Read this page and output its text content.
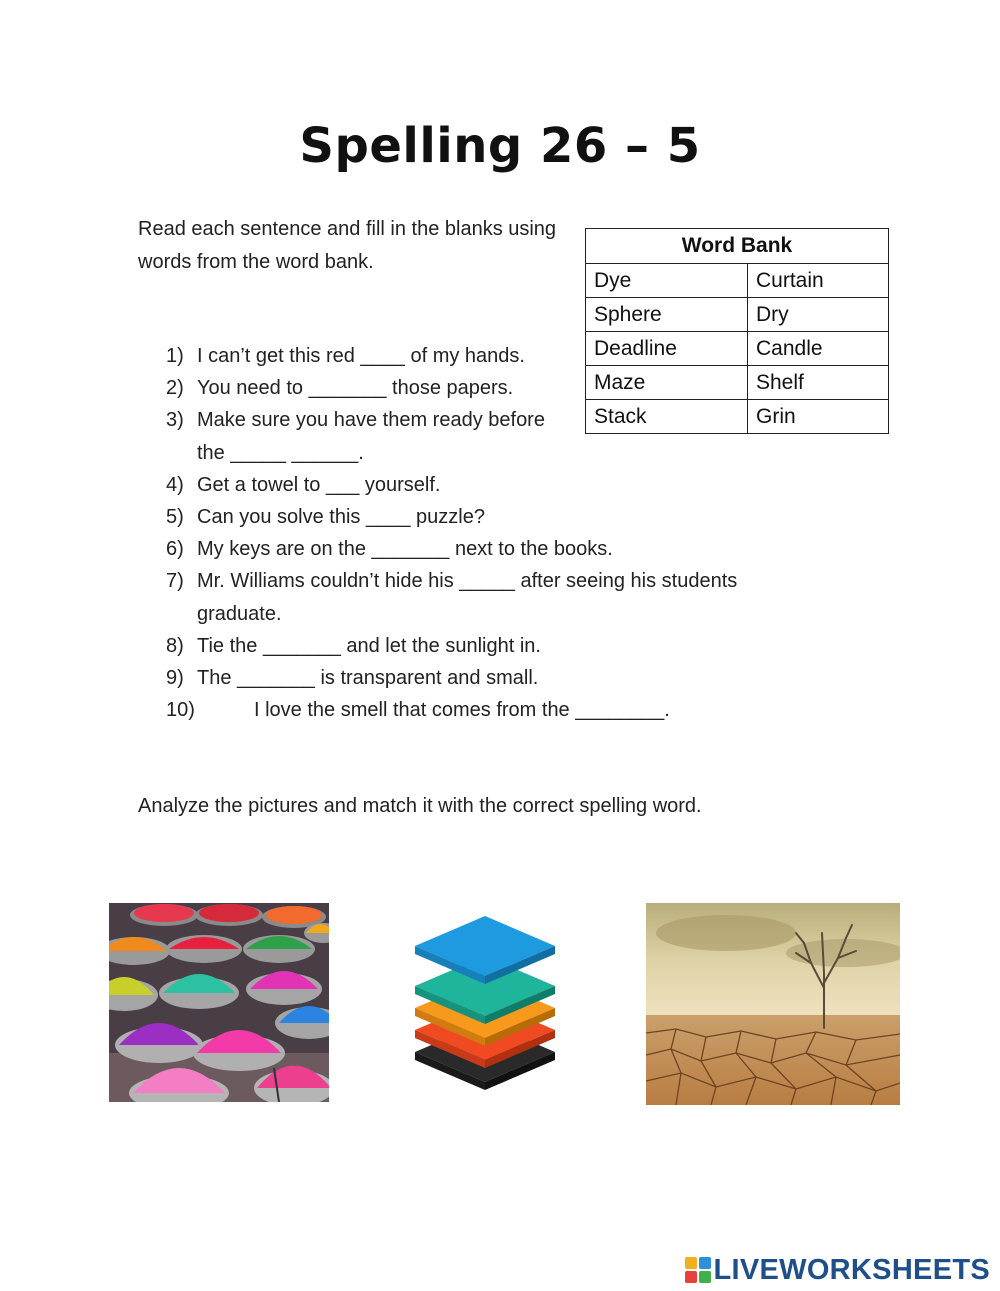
Spelling 26 – 5
Read each sentence and fill in the blanks using words from the word bank.
Word Bank	
Dye	Curtain
Sphere	Dry
Deadline	Candle
Maze	Shelf
Stack	Grin
1) I can’t get this red ____ of my hands.
2) You need to _______ those papers.
3) Make sure you have them ready before the _____ ______.
4) Get a towel to ___ yourself.
5) Can you solve this ____ puzzle?
6) My keys are on the _______ next to the books.
7) Mr. Williams couldn’t hide his _____ after seeing his students graduate.
8) Tie the _______ and let the sunlight in.
9) The _______ is transparent and small.
10)	I love the smell that comes from the ________.
Analyze the pictures and match it with the correct spelling word.
LIVEWORKSHEETS
